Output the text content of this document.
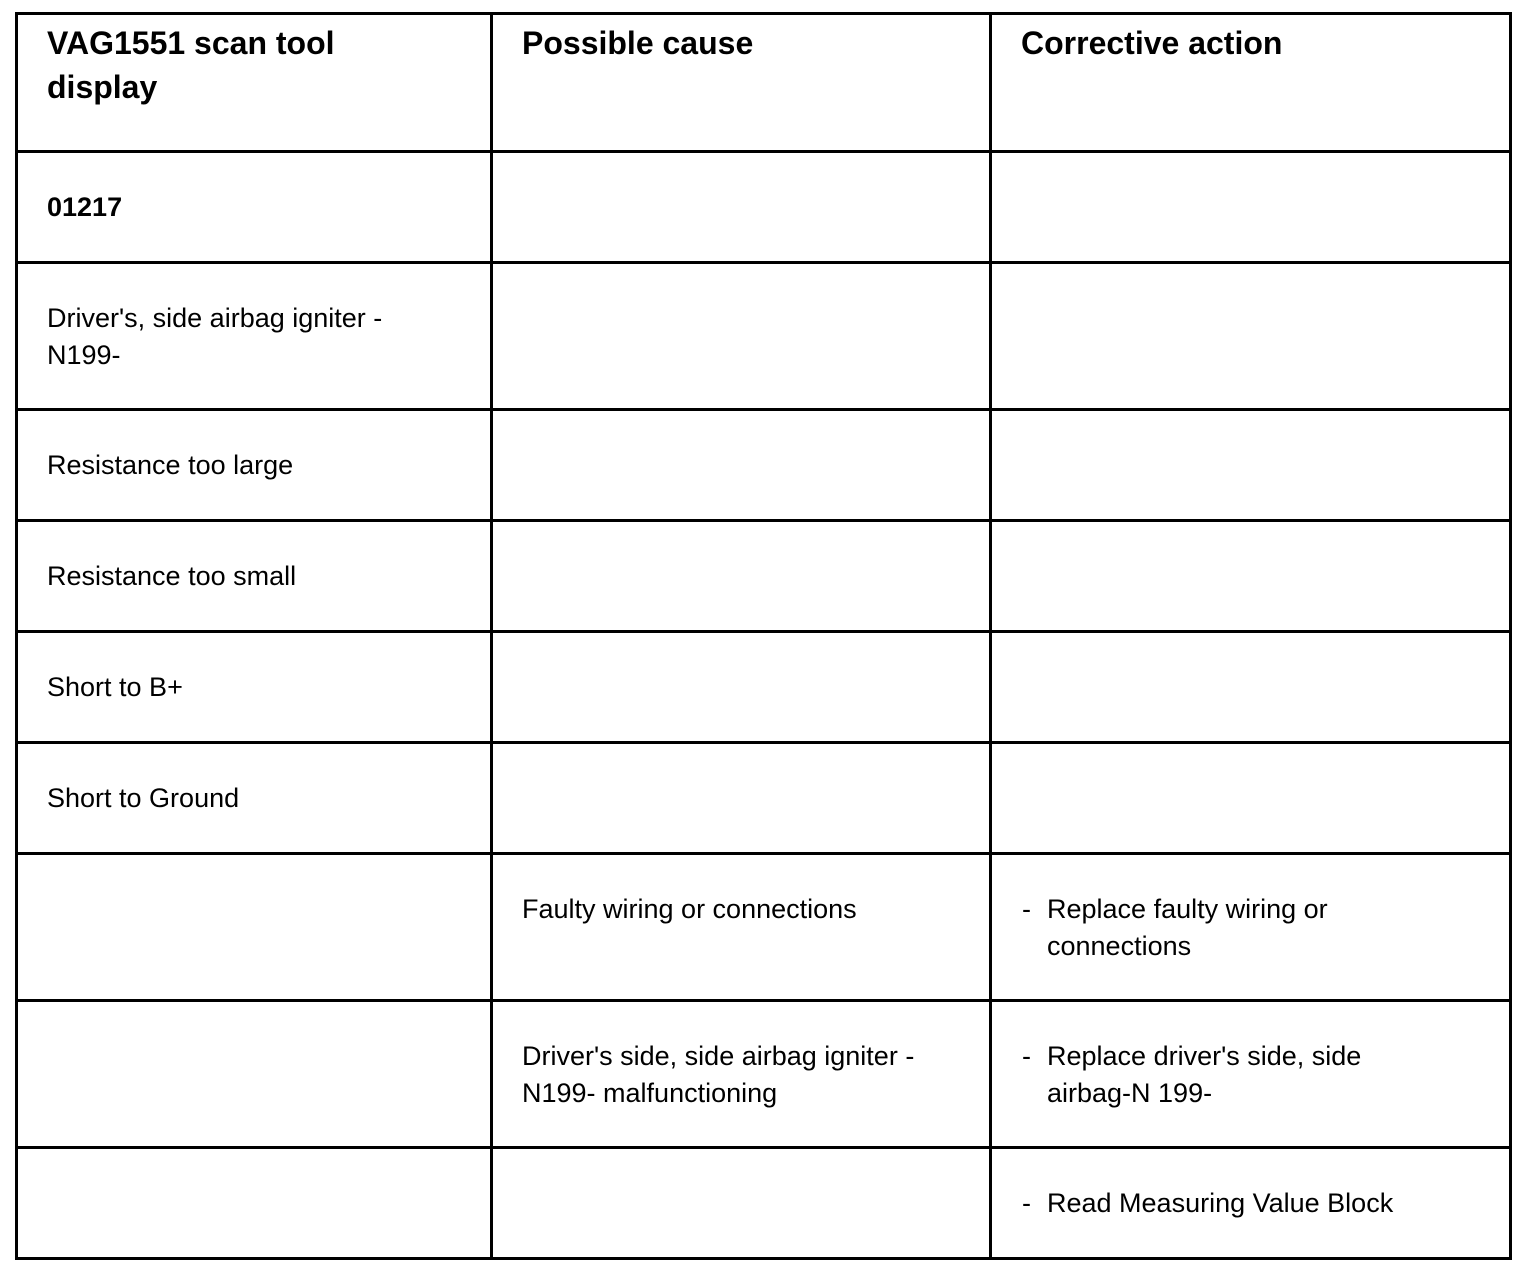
VAG1551 scan tool display	Possible cause	Corrective action

01217		

Driver's, side airbag igniter -N199-		

Resistance too large		

Resistance too small		

Short to B+		

Short to Ground		

	Faulty wiring or connections	- Replace faulty wiring or connections

	Driver's side, side airbag igniter -N199- malfunctioning	- Replace driver's side, side airbag-N 199-

		- Read Measuring Value Block
